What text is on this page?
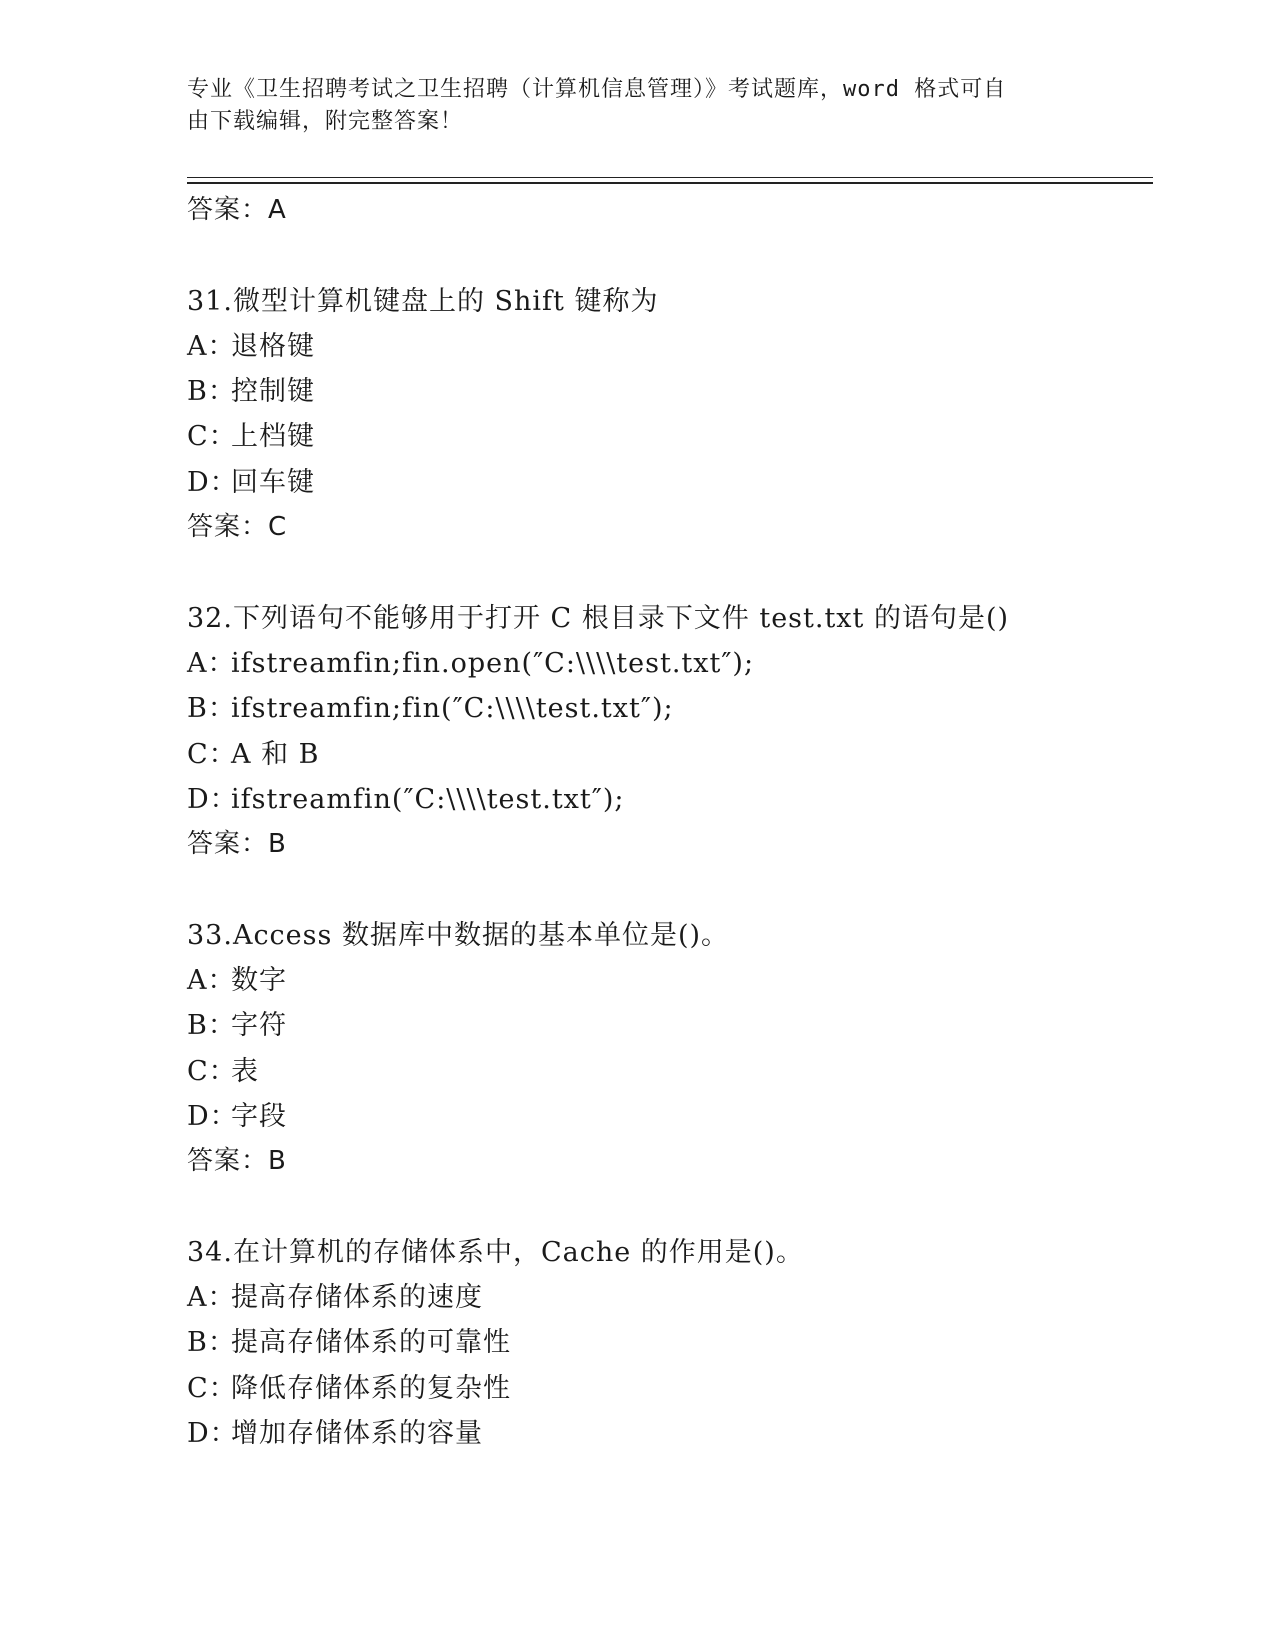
专业《卫生招聘考试之卫生招聘（计算机信息管理）》考试题库，word 格式可自
由下载编辑，附完整答案！
答案：A
31.微型计算机键盘上的 Shift 键称为
A：退格键
B：控制键
C：上档键
D：回车键
答案：C
32.下列语句不能够用于打开 C 根目录下文件 test.txt 的语句是()
A：ifstreamfin;fin.open(″C:\\\\test.txt″);
B：ifstreamfin;fin(″C:\\\\test.txt″);
C：A 和 B
D：ifstreamfin(″C:\\\\test.txt″);
答案：B
33.Access 数据库中数据的基本单位是()。
A：数字
B：字符
C：表
D：字段
答案：B
34.在计算机的存储体系中，Cache 的作用是()。
A：提高存储体系的速度
B：提高存储体系的可靠性
C：降低存储体系的复杂性
D：增加存储体系的容量
